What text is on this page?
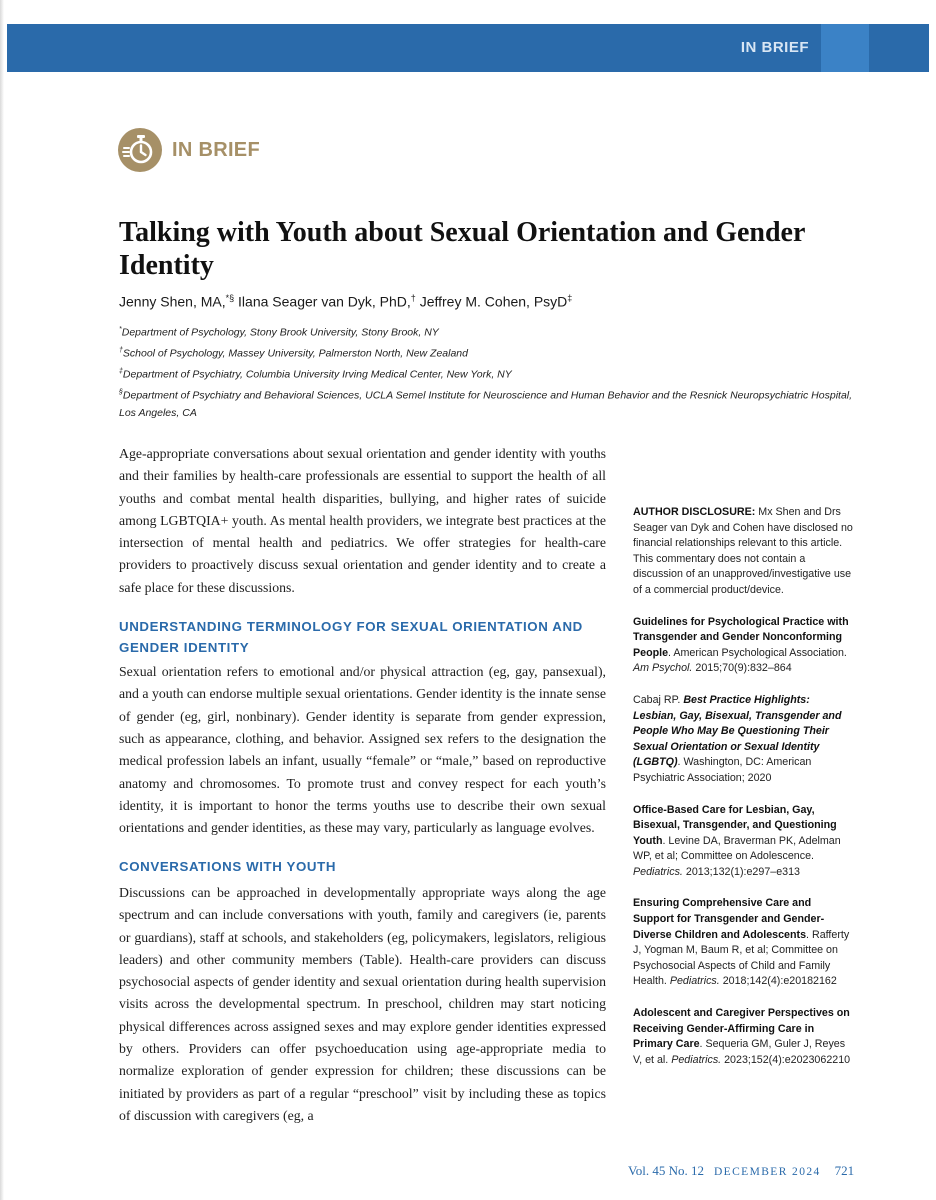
IN BRIEF
IN BRIEF
Talking with Youth about Sexual Orientation and Gender Identity
Jenny Shen, MA,*§ Ilana Seager van Dyk, PhD,† Jeffrey M. Cohen, PsyD‡
*Department of Psychology, Stony Brook University, Stony Brook, NY
†School of Psychology, Massey University, Palmerston North, New Zealand
‡Department of Psychiatry, Columbia University Irving Medical Center, New York, NY
§Department of Psychiatry and Behavioral Sciences, UCLA Semel Institute for Neuroscience and Human Behavior and the Resnick Neuropsychiatric Hospital, Los Angeles, CA

Age-appropriate conversations about sexual orientation and gender identity with youths and their families by health-care professionals are essential to support the health of all youths and combat mental health disparities, bullying, and higher rates of suicide among LGBTQIA+ youth. As mental health providers, we integrate best practices at the intersection of mental health and pediatrics. We offer strategies for health-care providers to proactively discuss sexual orientation and gender identity and to create a safe place for these discussions.

UNDERSTANDING TERMINOLOGY FOR SEXUAL ORIENTATION AND GENDER IDENTITY

Sexual orientation refers to emotional and/or physical attraction (eg, gay, pansexual), and a youth can endorse multiple sexual orientations. Gender identity is the innate sense of gender (eg, girl, nonbinary). Gender identity is separate from gender expression, such as appearance, clothing, and behavior. Assigned sex refers to the designation the medical profession labels an infant, usually “female” or “male,” based on reproductive anatomy and chromosomes. To promote trust and convey respect for each youth’s identity, it is important to honor the terms youths use to describe their own sexual orientations and gender identities, as these may vary, particularly as language evolves.

CONVERSATIONS WITH YOUTH

Discussions can be approached in developmentally appropriate ways along the age spectrum and can include conversations with youth, family and caregivers (ie, parents or guardians), staff at schools, and stakeholders (eg, policymakers, legislators, religious leaders) and other community members (Table). Health-care providers can discuss psychosocial aspects of gender identity and sexual orientation during health supervision visits across the developmental spectrum. In preschool, children may start noticing physical differences across assigned sexes and may explore gender identities expressed by others. Providers can offer psychoeducation using age-appropriate media to normalize exploration of gender expression for children; these discussions can be initiated by providers as part of a regular “preschool” visit by including these as topics of discussion with caregivers (eg, a

AUTHOR DISCLOSURE: Mx Shen and Drs Seager van Dyk and Cohen have disclosed no financial relationships relevant to this article. This commentary does not contain a discussion of an unapproved/investigative use of a commercial product/device.

Guidelines for Psychological Practice with Transgender and Gender Nonconforming People. American Psychological Association. Am Psychol. 2015;70(9):832–864

Cabaj RP. Best Practice Highlights: Lesbian, Gay, Bisexual, Transgender and People Who May Be Questioning Their Sexual Orientation or Sexual Identity (LGBTQ). Washington, DC: American Psychiatric Association; 2020

Office-Based Care for Lesbian, Gay, Bisexual, Transgender, and Questioning Youth. Levine DA, Braverman PK, Adelman WP, et al; Committee on Adolescence. Pediatrics. 2013;132(1):e297–e313

Ensuring Comprehensive Care and Support for Transgender and Gender-Diverse Children and Adolescents. Rafferty J, Yogman M, Baum R, et al; Committee on Psychosocial Aspects of Child and Family Health. Pediatrics. 2018;142(4):e20182162

Adolescent and Caregiver Perspectives on Receiving Gender-Affirming Care in Primary Care. Sequeria GM, Guler J, Reyes V, et al. Pediatrics. 2023;152(4):e2023062210

Vol. 45 No. 12 DECEMBER 2024 721
